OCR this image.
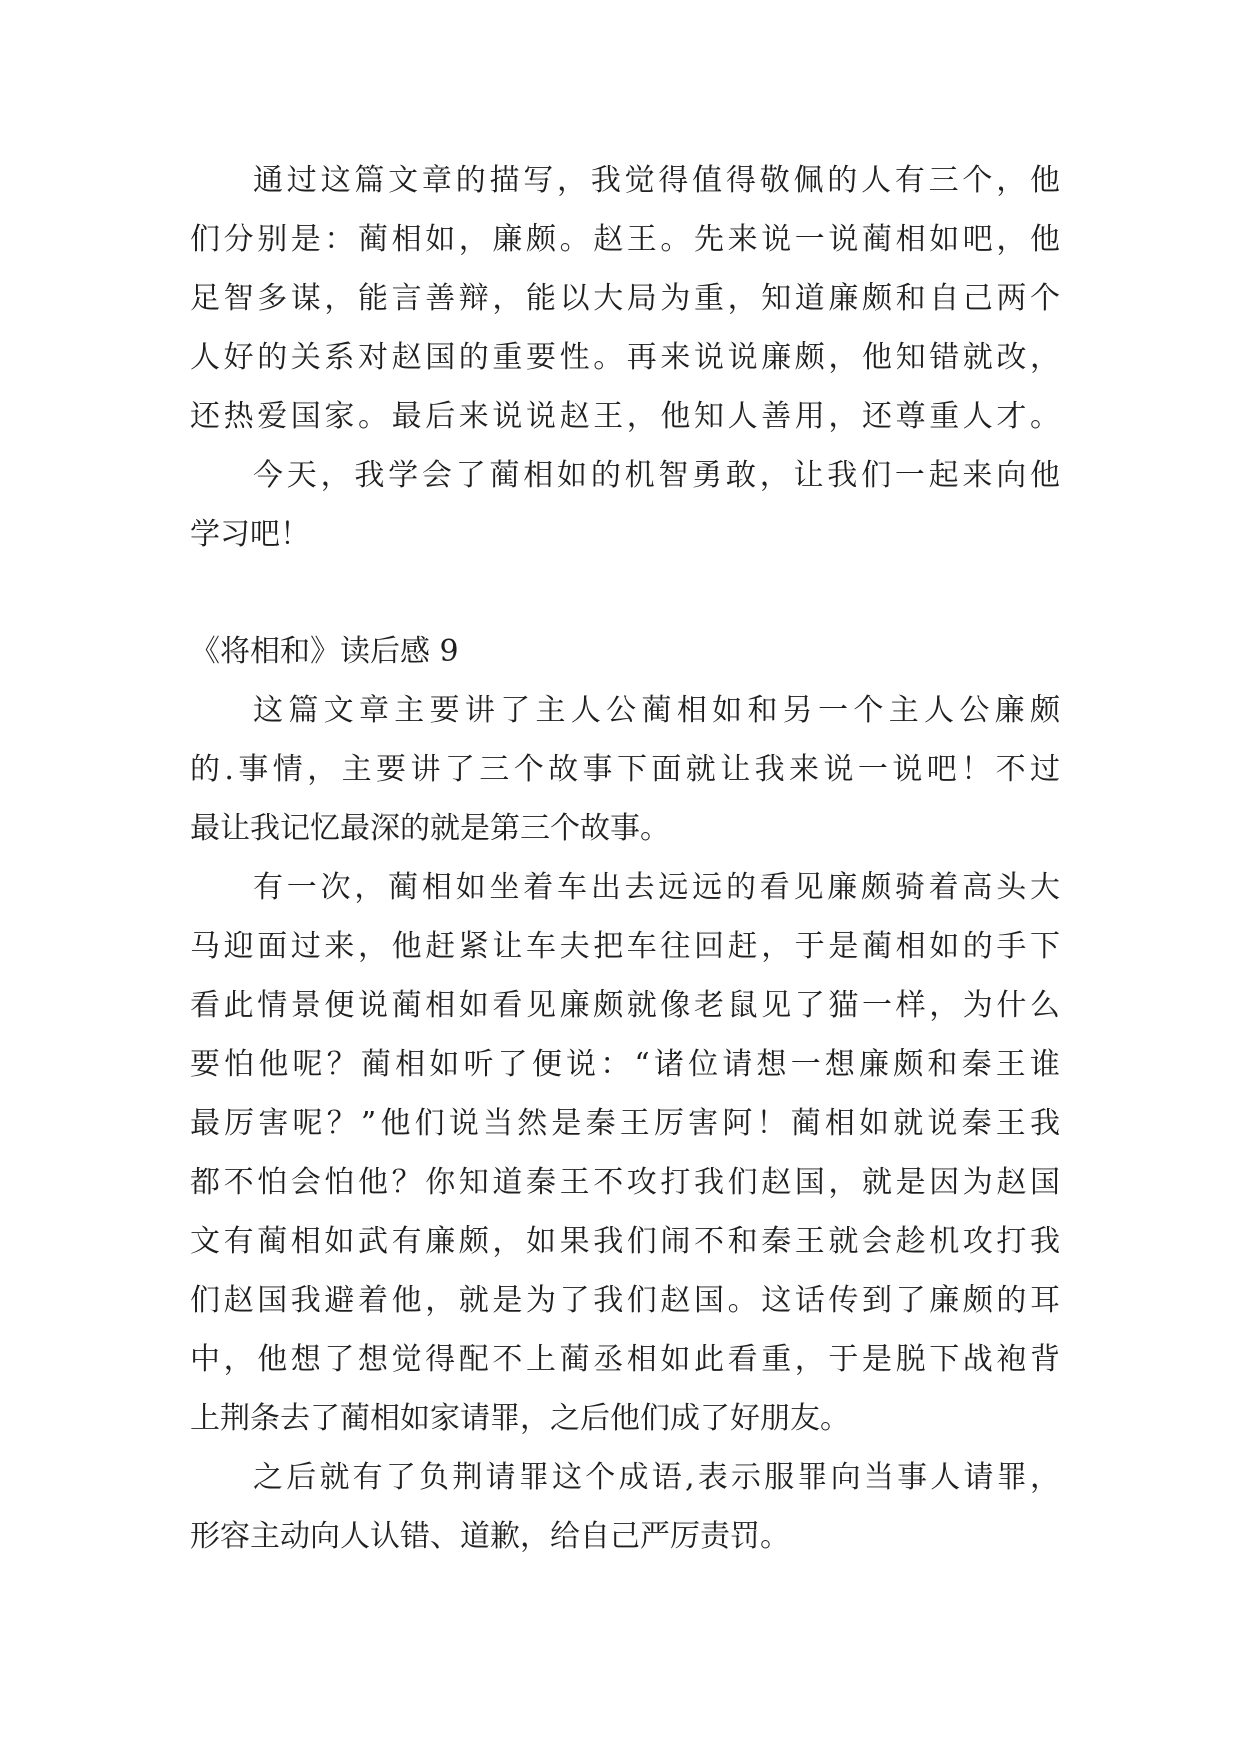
通过这篇文章的描写，我觉得值得敬佩的人有三个，他
们分别是：蔺相如，廉颇。赵王。先来说一说蔺相如吧，他
足智多谋，能言善辩，能以大局为重，知道廉颇和自己两个
人好的关系对赵国的重要性。再来说说廉颇，他知错就改，
还热爱国家。最后来说说赵王，他知人善用，还尊重人才。
今天，我学会了蔺相如的机智勇敢，让我们一起来向他
学习吧！
《将相和》读后感 9
这篇文章主要讲了主人公蔺相如和另一个主人公廉颇
的.事情，主要讲了三个故事下面就让我来说一说吧！不过
最让我记忆最深的就是第三个故事。
有一次，蔺相如坐着车出去远远的看见廉颇骑着高头大
马迎面过来，他赶紧让车夫把车往回赶，于是蔺相如的手下
看此情景便说蔺相如看见廉颇就像老鼠见了猫一样，为什么
要怕他呢？蔺相如听了便说：“诸位请想一想廉颇和秦王谁
最厉害呢？”他们说当然是秦王厉害阿！蔺相如就说秦王我
都不怕会怕他？你知道秦王不攻打我们赵国，就是因为赵国
文有蔺相如武有廉颇，如果我们闹不和秦王就会趁机攻打我
们赵国我避着他，就是为了我们赵国。这话传到了廉颇的耳
中，他想了想觉得配不上蔺丞相如此看重，于是脱下战袍背
上荆条去了蔺相如家请罪，之后他们成了好朋友。
之后就有了负荆请罪这个成语,表示服罪向当事人请罪，
形容主动向人认错、道歉，给自己严厉责罚。
